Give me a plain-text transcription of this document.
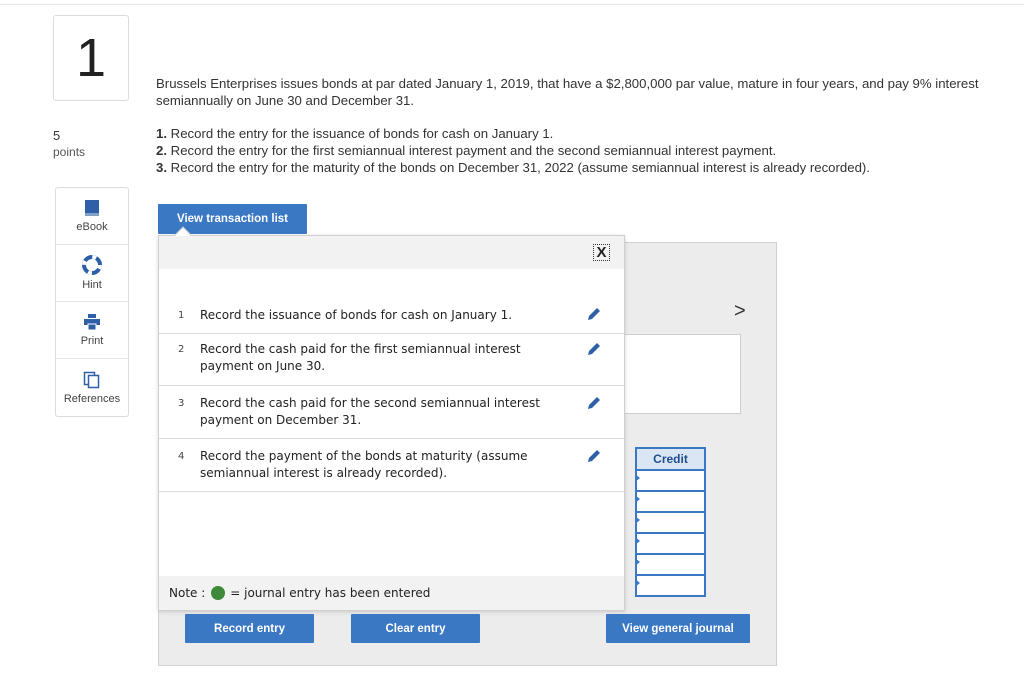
1
5
points
eBook
Hint
Print
References
Brussels Enterprises issues bonds at par dated January 1, 2019, that have a $2,800,000 par value, mature in four years, and pay 9% interest semiannually on June 30 and December 31.
1. Record the entry for the issuance of bonds for cash on January 1.
2. Record the entry for the first semiannual interest payment and the second semiannual interest payment.
3. Record the entry for the maturity of the bonds on December 31, 2022 (assume semiannual interest is already recorded).
View transaction list
>
Credit
X
1 Record the issuance of bonds for cash on January 1.
2 Record the cash paid for the first semiannual interest payment on June 30.
3 Record the cash paid for the second semiannual interest payment on December 31.
4 Record the payment of the bonds at maturity (assume semiannual interest is already recorded).
Note : = journal entry has been entered
Record entry	Clear entry	View general journal
